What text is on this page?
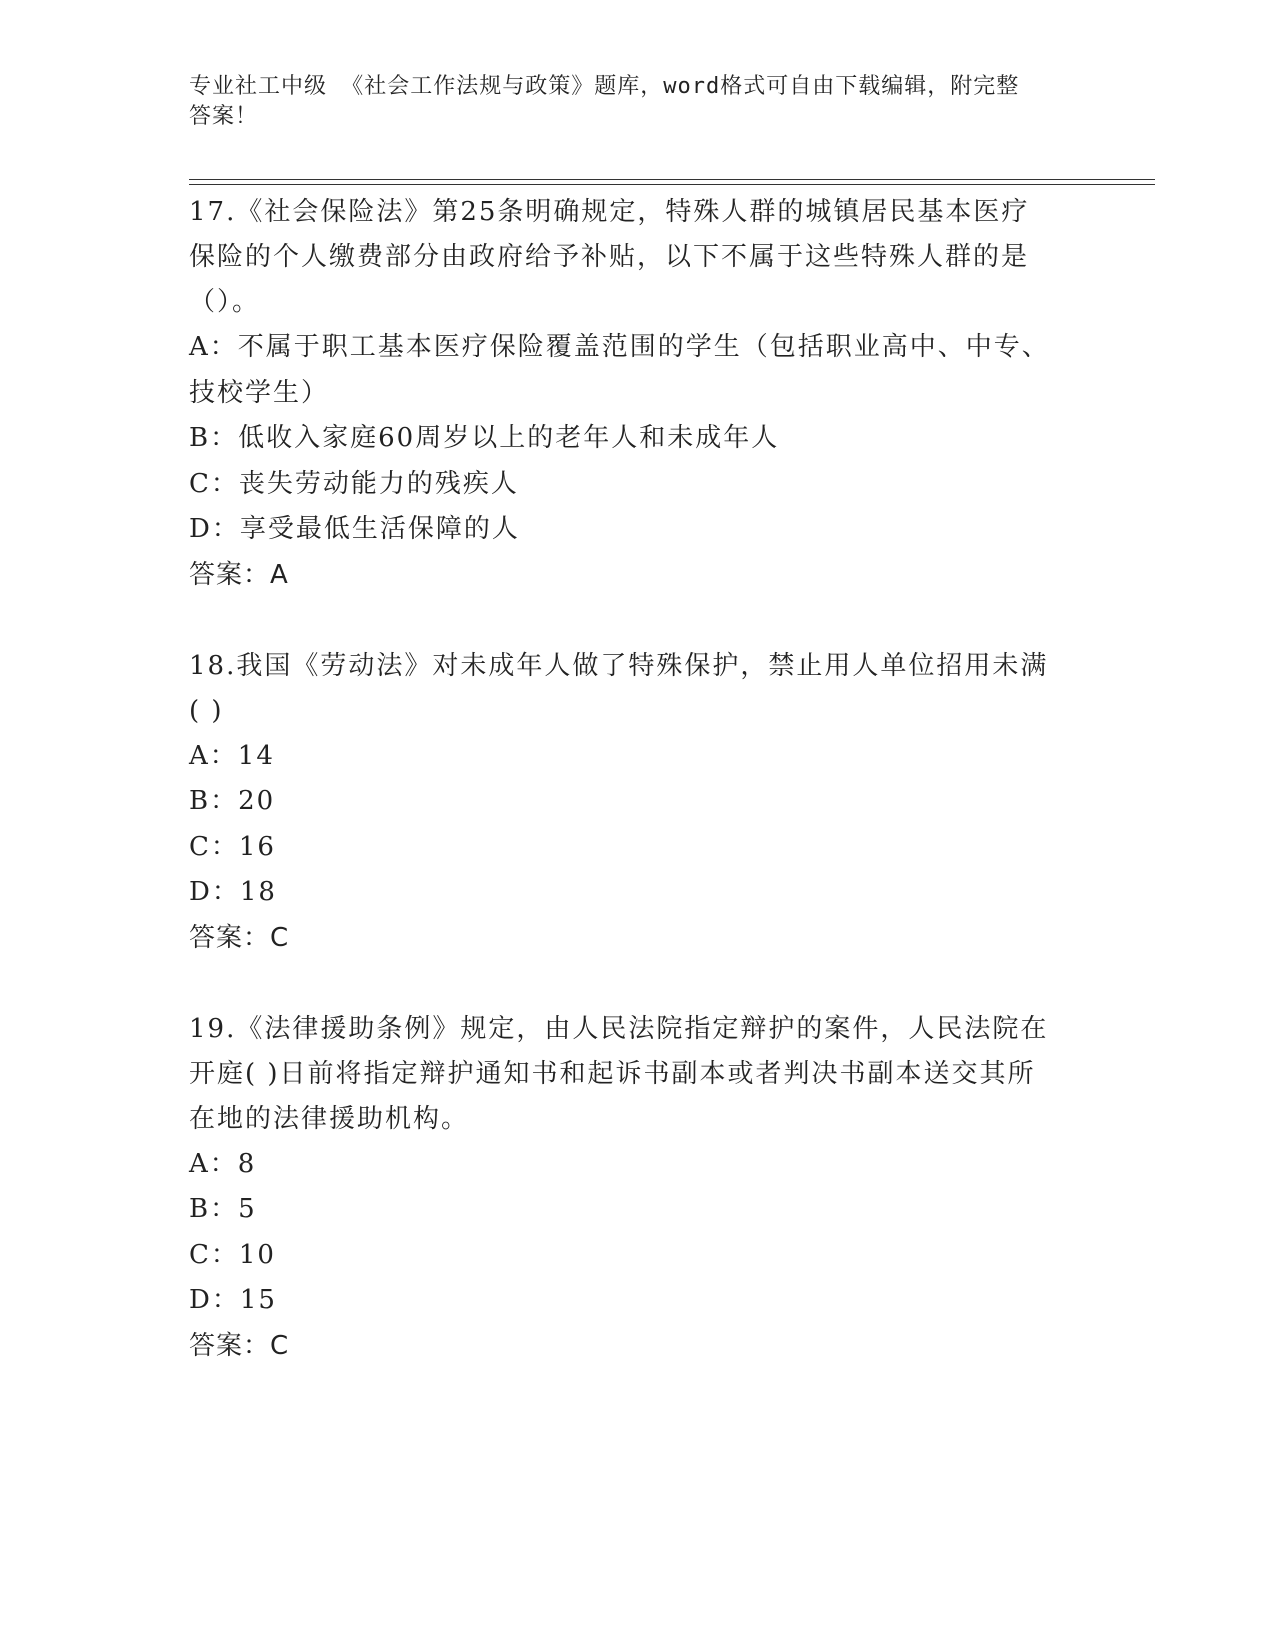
专业社工中级 《社会工作法规与政策》题库，word格式可自由下载编辑，附完整
答案！
17.《社会保险法》第25条明确规定，特殊人群的城镇居民基本医疗
保险的个人缴费部分由政府给予补贴，以下不属于这些特殊人群的是
（）。
A：不属于职工基本医疗保险覆盖范围的学生（包括职业高中、中专、
技校学生）
B：低收入家庭60周岁以上的老年人和未成年人
C：丧失劳动能力的残疾人
D：享受最低生活保障的人
答案：A
18.我国《劳动法》对未成年人做了特殊保护，禁止用人单位招用未满
( )
A：14
B：20
C：16
D：18
答案：C
19.《法律援助条例》规定，由人民法院指定辩护的案件，人民法院在
开庭( )日前将指定辩护通知书和起诉书副本或者判决书副本送交其所
在地的法律援助机构。
A：8
B：5
C：10
D：15
答案：C
